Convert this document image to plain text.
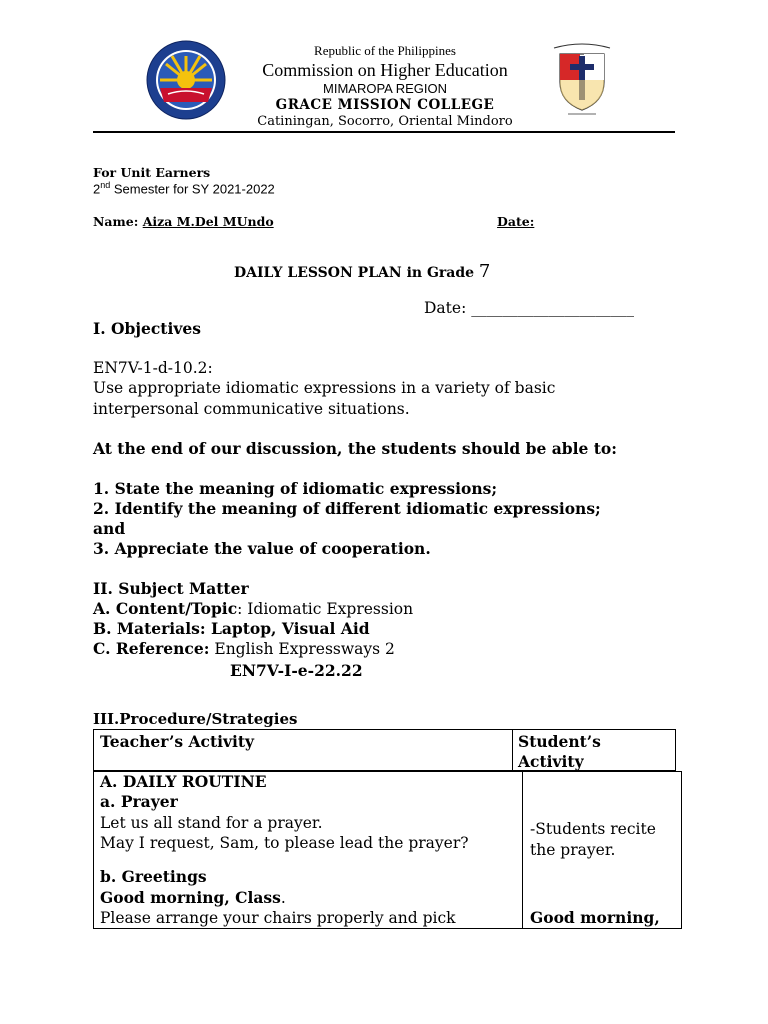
Republic of the Philippines
Commission on Higher Education
MIMAROPA REGION
GRACE MISSION COLLEGE
Catiningan, Socorro, Oriental Mindoro
For Unit Earners
2nd Semester for SY 2021-2022
Name: Aiza M.Del MUndo	Date:
DAILY LESSON PLAN in Grade 7
Date: _____________________
I. Objectives
EN7V-1-d-10.2:
Use appropriate idiomatic expressions in a variety of basic
interpersonal communicative situations.
At the end of our discussion, the students should be able to:
1. State the meaning of idiomatic expressions;
2. Identify the meaning of different idiomatic expressions;
and
3. Appreciate the value of cooperation.
II. Subject Matter
A. Content/Topic: Idiomatic Expression
B. Materials: Laptop, Visual Aid
C. Reference: English Expressways 2
EN7V-I-e-22.22
III.Procedure/Strategies
Teacher’s Activity	Student’s
Activity
A. DAILY ROUTINE
a. Prayer
Let us all stand for a prayer.
May I request, Sam, to please lead the prayer?
b. Greetings
Good morning, Class.
Please arrange your chairs properly and pick
-Students recite
the prayer.
Good morning,
